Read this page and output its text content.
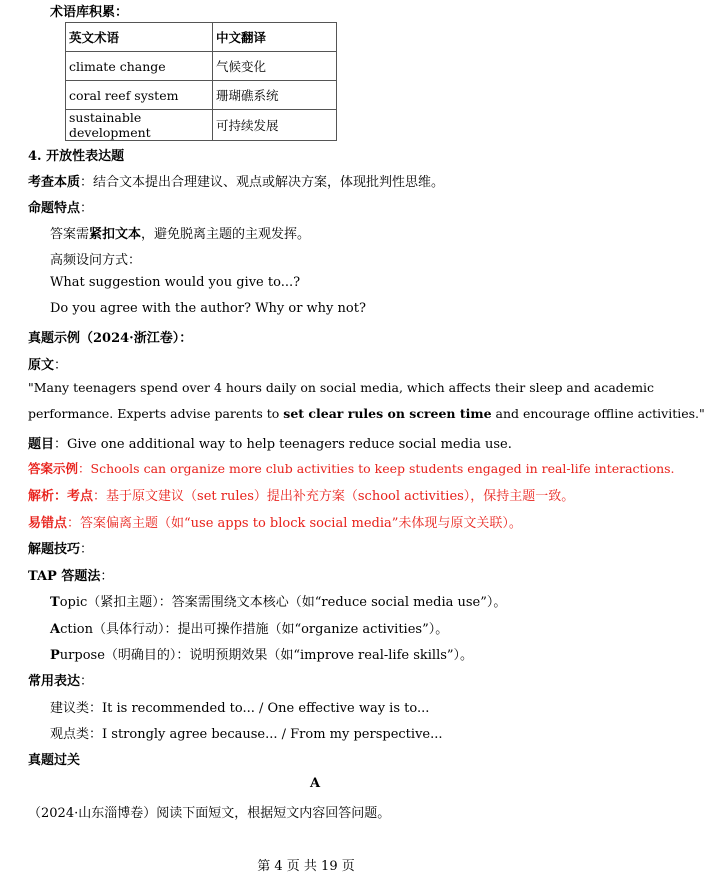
术语库积累：
英文术语	中文翻译
climate change	气候变化
coral reef system	珊瑚礁系统
sustainable development	可持续发展
4. 开放性表达题
考查本质：结合文本提出合理建议、观点或解决方案，体现批判性思维。
命题特点：
答案需紧扣文本，避免脱离主题的主观发挥。
高频设问方式：
What suggestion would you give to...?
Do you agree with the author? Why or why not?
真题示例（2024·浙江卷）：
原文：
"Many teenagers spend over 4 hours daily on social media, which affects their sleep and academic
performance. Experts advise parents to set clear rules on screen time and encourage offline activities."
题目：Give one additional way to help teenagers reduce social media use.
答案示例：Schools can organize more club activities to keep students engaged in real-life interactions.
解析：考点：基于原文建议（set rules）提出补充方案（school activities），保持主题一致。
易错点：答案偏离主题（如“use apps to block social media”未体现与原文关联）。
解题技巧：
TAP 答题法：
Topic（紧扣主题）：答案需围绕文本核心（如“reduce social media use”）。
Action（具体行动）：提出可操作措施（如“organize activities”）。
Purpose（明确目的）：说明预期效果（如“improve real-life skills”）。
常用表达：
建议类：It is recommended to... / One effective way is to...
观点类：I strongly agree because... / From my perspective...
真题过关
A
（2024·山东淄博卷）阅读下面短文，根据短文内容回答问题。
第 4 页 共 19 页
